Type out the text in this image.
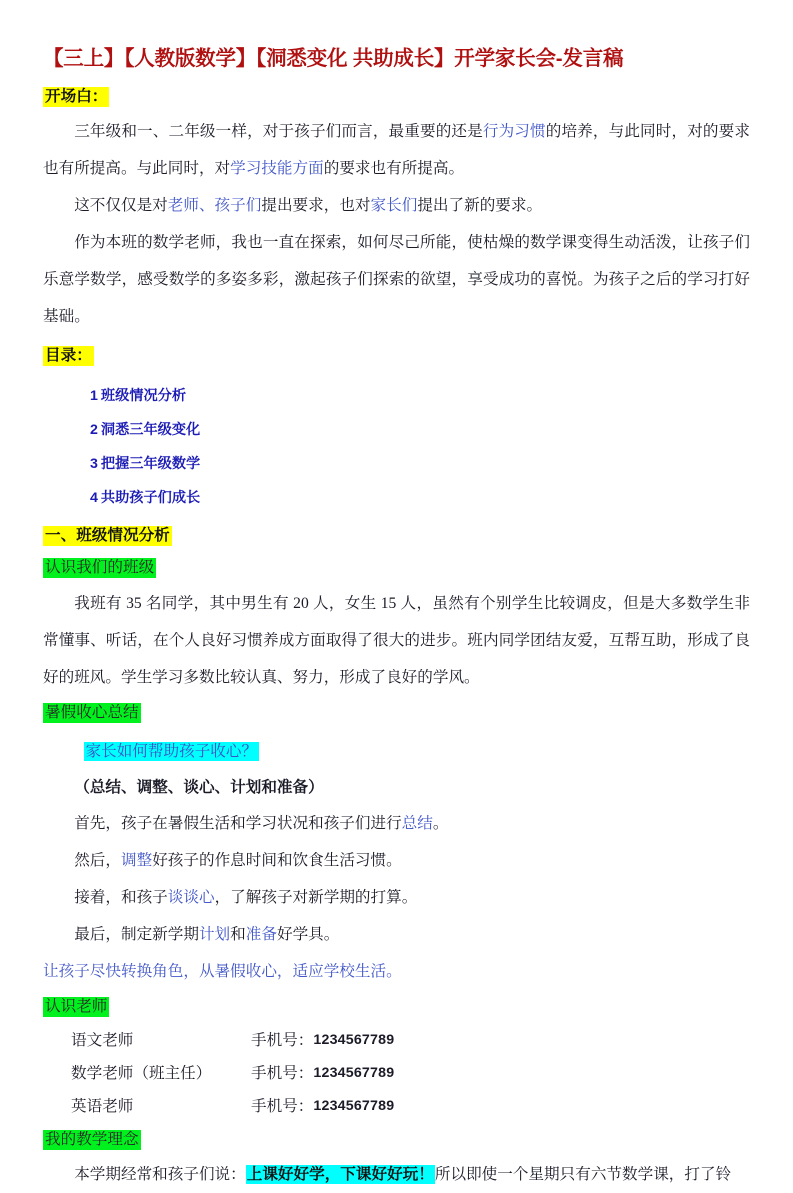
【三上】【人教版数学】【洞悉变化 共助成长】开学家长会-发言稿

开场白：

三年级和一、二年级一样，对于孩子们而言，最重要的还是行为习惯的培养，与此同时，对的要求也有所提高。与此同时，对学习技能方面的要求也有所提高。

这不仅仅是对老师、孩子们提出要求，也对家长们提出了新的要求。

作为本班的数学老师，我也一直在探索，如何尽己所能，使枯燥的数学课变得生动活泼，让孩子们乐意学数学，感受数学的多姿多彩，激起孩子们探索的欲望，享受成功的喜悦。为孩子之后的学习打好基础。

目录：

1 班级情况分析
2 洞悉三年级变化
3 把握三年级数学
4 共助孩子们成长

一、班级情况分析

认识我们的班级

我班有 35 名同学，其中男生有 20 人，女生 15 人，虽然有个别学生比较调皮，但是大多数学生非常懂事、听话，在个人良好习惯养成方面取得了很大的进步。班内同学团结友爱，互帮互助，形成了良好的班风。学生学习多数比较认真、努力，形成了良好的学风。

暑假收心总结

家长如何帮助孩子收心？

（总结、调整、谈心、计划和准备）

首先，孩子在暑假生活和学习状况和孩子们进行总结。

然后，调整好孩子的作息时间和饮食生活习惯。

接着，和孩子谈谈心，了解孩子对新学期的打算。

最后，制定新学期计划和准备好学具。

让孩子尽快转换角色，从暑假收心，适应学校生活。

认识老师

语文老师	手机号： 1234567789
数学老师（班主任）	手机号： 1234567789
英语老师	手机号： 1234567789

我的教学理念

本学期经常和孩子们说：上课好好学，下课好好玩！所以即使一个星期只有六节数学课，打了铃
